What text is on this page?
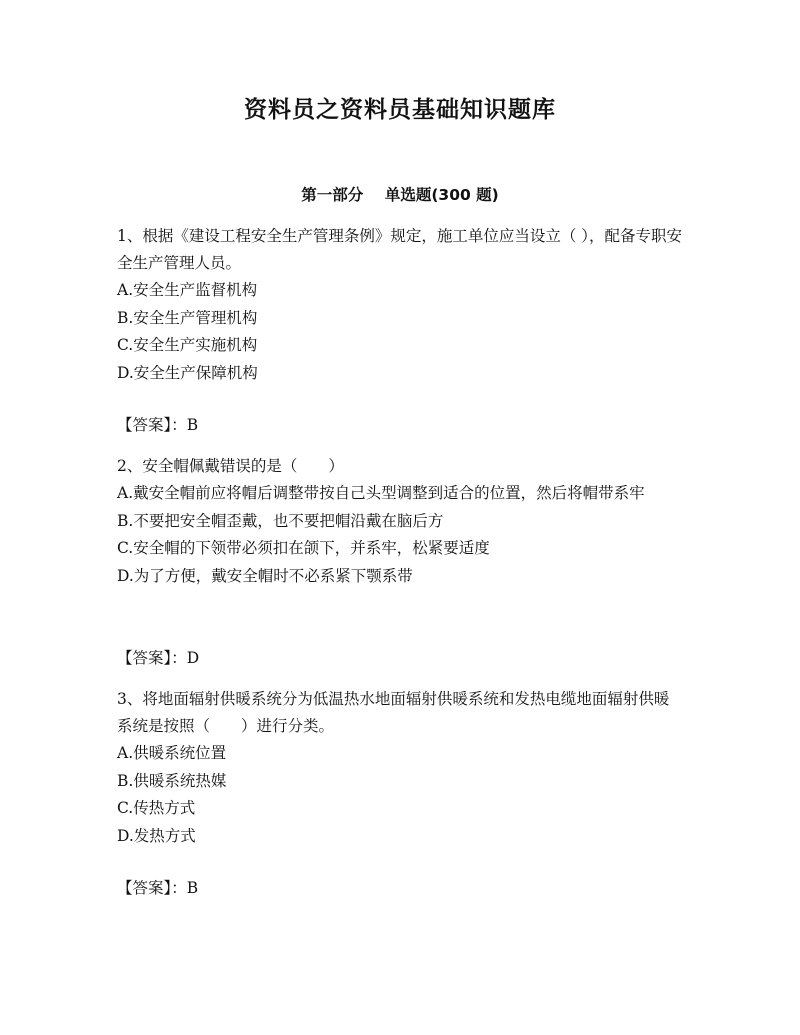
资料员之资料员基础知识题库
第一部分    单选题(300 题)

1、根据《建设工程安全生产管理条例》规定，施工单位应当设立（ ），配备专职安全生产管理人员。

A.安全生产监督机构

B.安全生产管理机构

C.安全生产实施机构

D.安全生产保障机构

【答案】：B

2、安全帽佩戴错误的是（　　）

A.戴安全帽前应将帽后调整带按自己头型调整到适合的位置，然后将帽带系牢

B.不要把安全帽歪戴，也不要把帽沿戴在脑后方

C.安全帽的下领带必须扣在颌下，并系牢，松紧要适度

D.为了方便，戴安全帽时不必系紧下颚系带

【答案】：D

3、将地面辐射供暖系统分为低温热水地面辐射供暖系统和发热电缆地面辐射供暖系统是按照（　　）进行分类。

A.供暖系统位置

B.供暖系统热媒

C.传热方式

D.发热方式

【答案】：B
